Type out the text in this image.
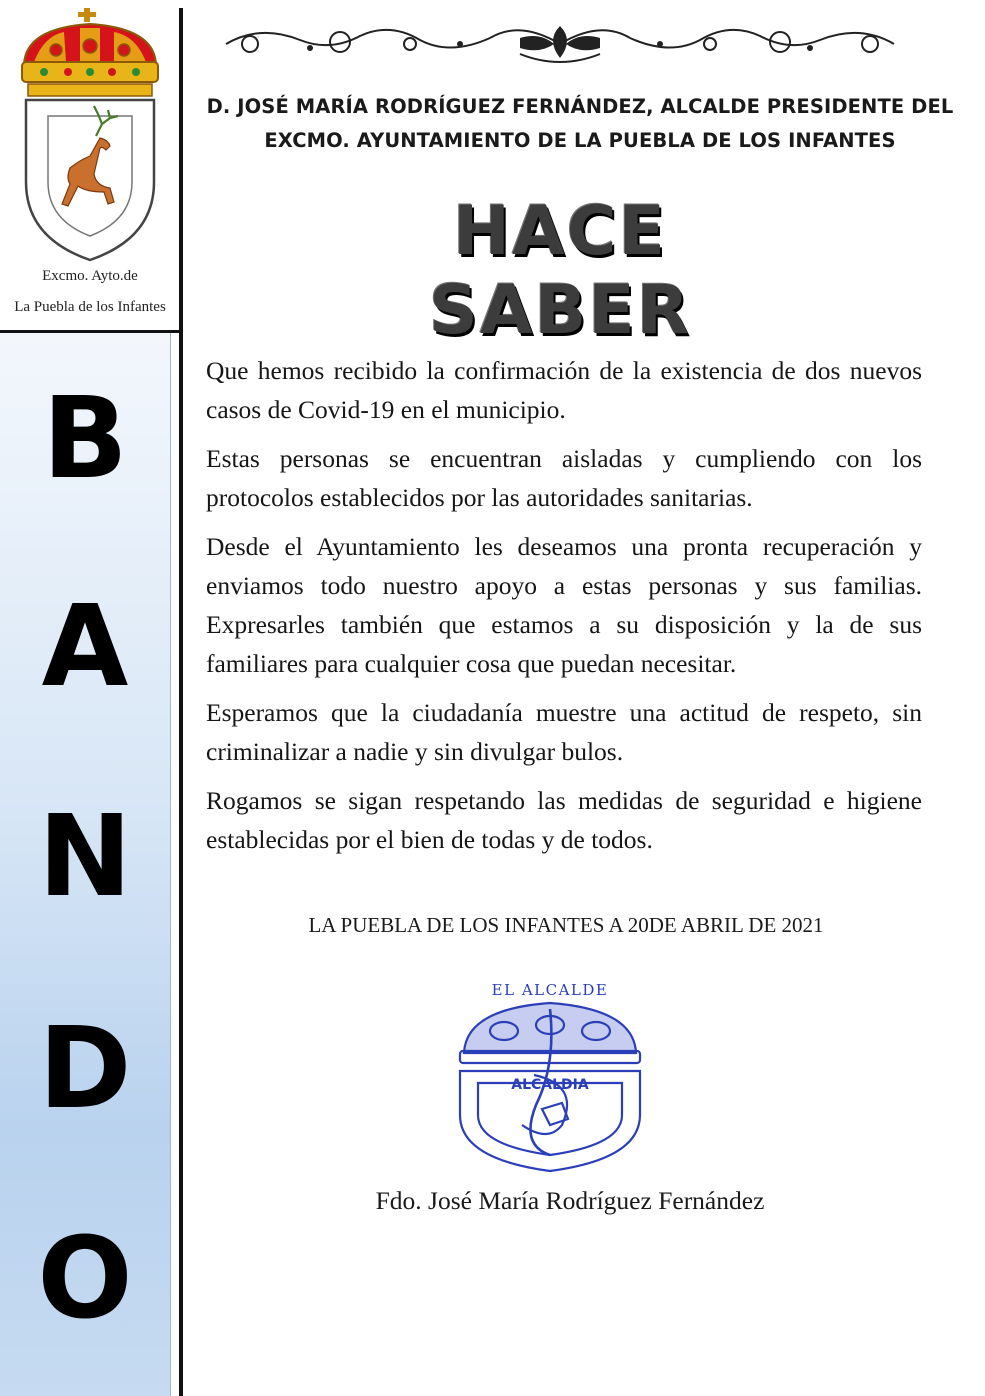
Excmo. Ayto.de
La Puebla de los Infantes
B
A
N
D
O
D. JOSÉ MARÍA RODRÍGUEZ FERNÁNDEZ, ALCALDE PRESIDENTE DEL
EXCMO. AYUNTAMIENTO DE LA PUEBLA DE LOS INFANTES
HACE SABER

Que hemos recibido la confirmación de la existencia de dos nuevos casos de Covid-19 en el municipio.

Estas personas se encuentran aisladas y cumpliendo con los protocolos establecidos por las autoridades sanitarias.

Desde el Ayuntamiento les deseamos una pronta recuperación y enviamos todo nuestro apoyo a estas personas y sus familias. Expresarles también que estamos a su disposición y la de sus familiares para cualquier cosa que puedan necesitar.

Esperamos que la ciudadanía muestre una actitud de respeto, sin criminalizar a nadie y sin divulgar bulos.

Rogamos se sigan respetando las medidas de seguridad e higiene establecidas por el bien de todas y de todos.

LA PUEBLA DE LOS INFANTES A 20DE ABRIL DE 2021
EL ALCALDE
ALCALDIA
Fdo. José María Rodríguez Fernández
